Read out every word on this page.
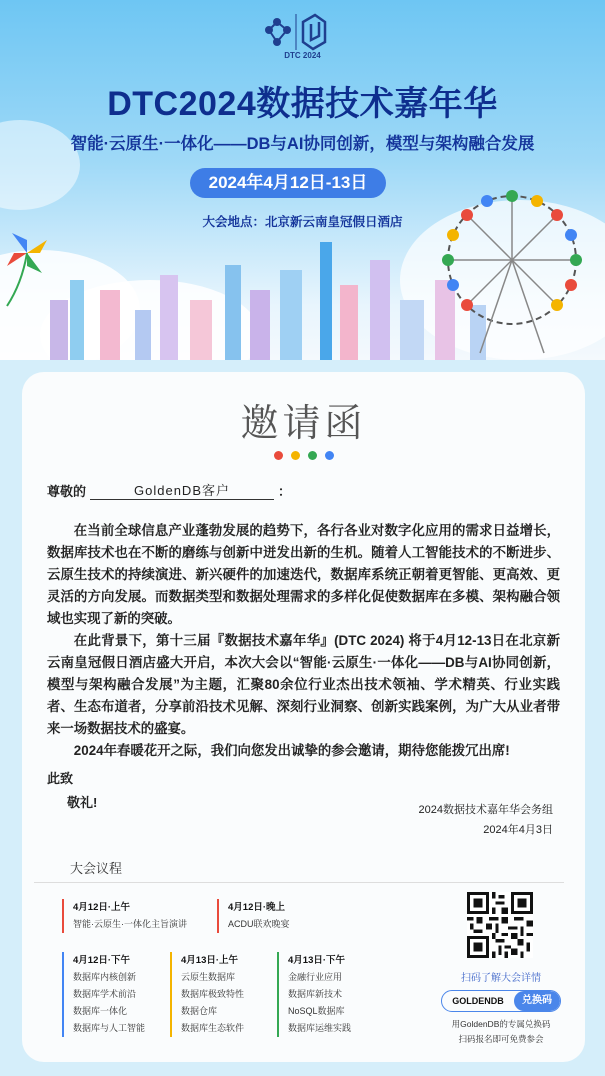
DTC 2024
DTC2024数据技术嘉年华
智能·云原生·一体化——DB与AI协同创新，模型与架构融合发展
2024年4月12日-13日
大会地点：北京新云南皇冠假日酒店
邀请函
尊敬的	GoldenDB客户	：

在当前全球信息产业蓬勃发展的趋势下，各行各业对数字化应用的需求日益增长，数据库技术也在不断的磨练与创新中迸发出新的生机。随着人工智能技术的不断进步、云原生技术的持续演进、新兴硬件的加速迭代，数据库系统正朝着更智能、更高效、更灵活的方向发展。而数据类型和数据处理需求的多样化促使数据库在多模、架构融合领域也实现了新的突破。

在此背景下，第十三届『数据技术嘉年华』(DTC 2024) 将于4月12-13日在北京新云南皇冠假日酒店盛大开启，本次大会以“智能·云原生·一体化——DB与AI协同创新，模型与架构融合发展”为主题，汇聚80余位行业杰出技术领袖、学术精英、行业实践者、生态布道者，分享前沿技术见解、深刻行业洞察、创新实践案例，为广大从业者带来一场数据技术的盛宴。

2024年春暖花开之际，我们向您发出诚挚的参会邀请，期待您能拨冗出席!

此致
敬礼!	2024数据技术嘉年华会务组
2024年4月3日
大会议程
4月12日·上午
智能·云原生·一体化主旨演讲
4月12日·晚上
ACDU联欢晚宴
4月12日·下午
数据库内核创新
数据库学术前沿
数据库一体化
数据库与人工智能
4月13日·上午
云原生数据库
数据库极致特性
数据仓库
数据库生态软件
4月13日·下午
金融行业应用
数据库新技术
NoSQL数据库
数据库运维实践
扫码了解大会详情
GOLDENDB	兑换码
用GoldenDB的专属兑换码
扫码报名即可免费参会
